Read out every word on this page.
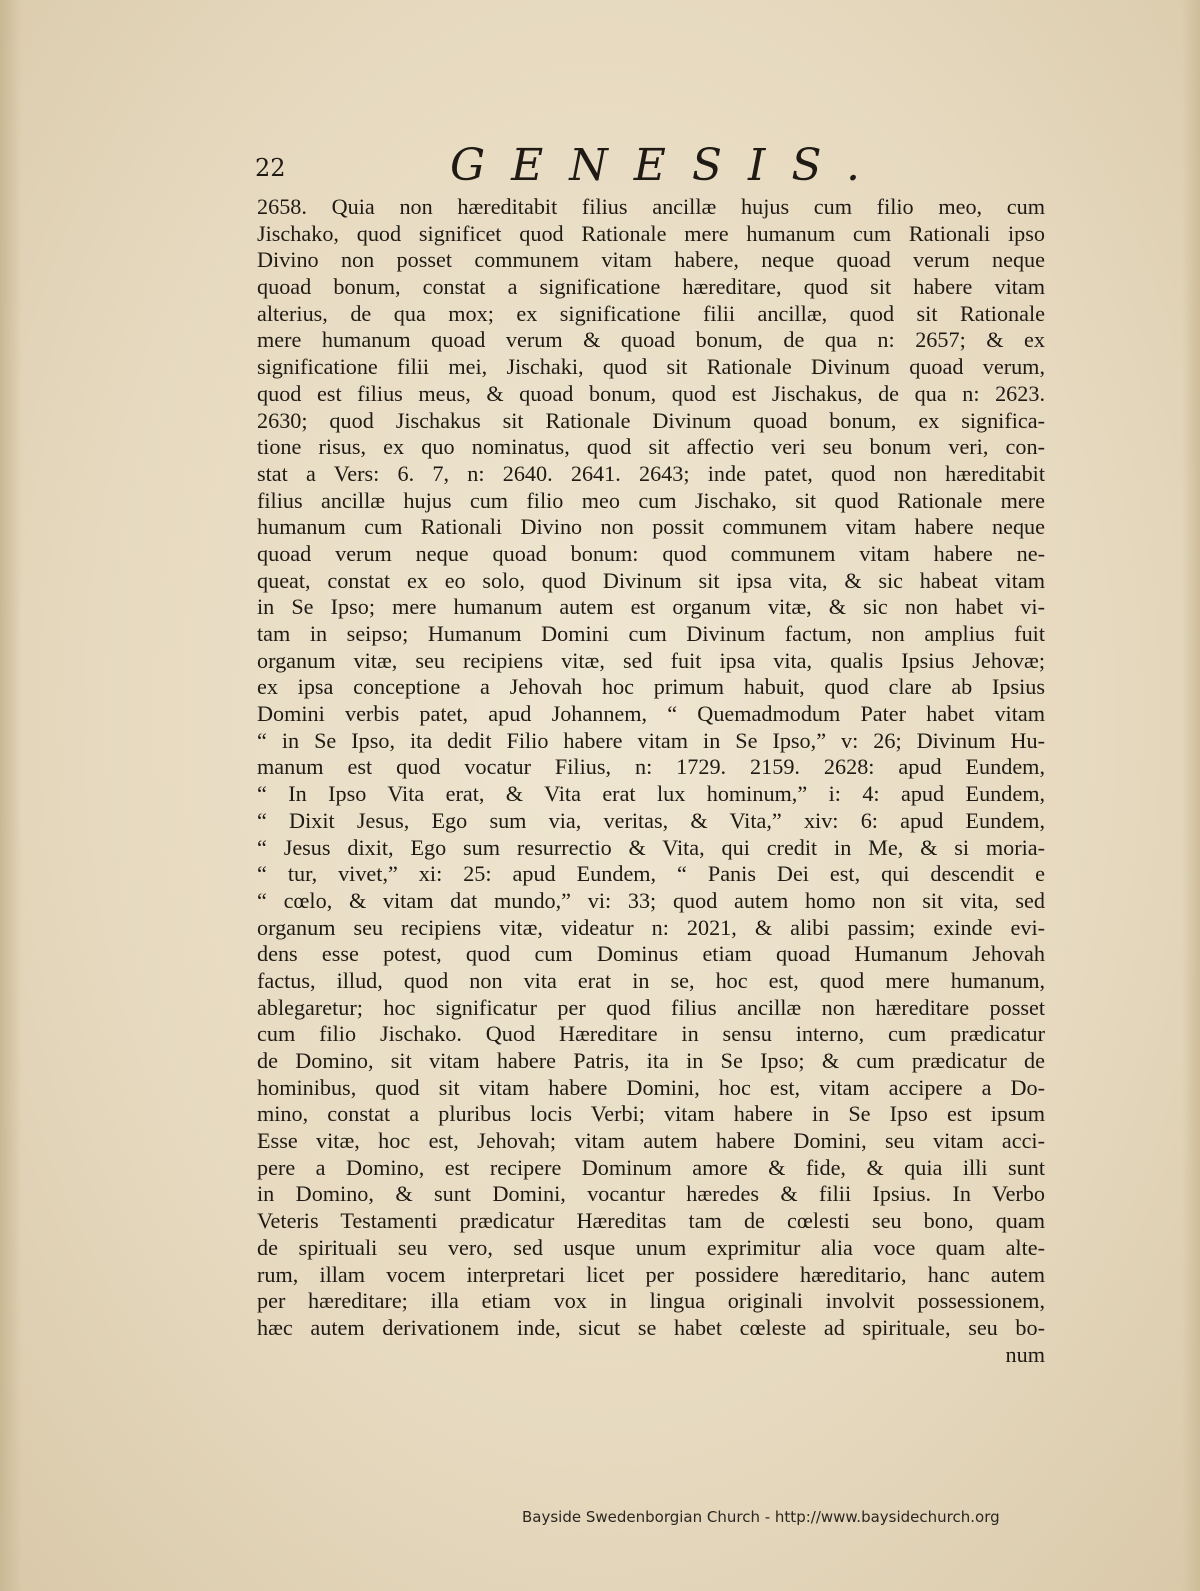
22	GENESIS.
2658. Quia non hæreditabit filius ancillæ hujus cum filio meo, cum
Jischako, quod significet quod Rationale mere humanum cum Rationali ipso
Divino non posset communem vitam habere, neque quoad verum neque
quoad bonum, constat a significatione hæreditare, quod sit habere vitam
alterius, de qua mox; ex significatione filii ancillæ, quod sit Rationale
mere humanum quoad verum & quoad bonum, de qua n: 2657; & ex
significatione filii mei, Jischaki, quod sit Rationale Divinum quoad verum,
quod est filius meus, & quoad bonum, quod est Jischakus, de qua n: 2623.
2630; quod Jischakus sit Rationale Divinum quoad bonum, ex significa-
tione risus, ex quo nominatus, quod sit affectio veri seu bonum veri, con-
stat a Vers: 6. 7, n: 2640. 2641. 2643; inde patet, quod non hæreditabit
filius ancillæ hujus cum filio meo cum Jischako, sit quod Rationale mere
humanum cum Rationali Divino non possit communem vitam habere neque
quoad verum neque quoad bonum: quod communem vitam habere ne-
queat, constat ex eo solo, quod Divinum sit ipsa vita, & sic habeat vitam
in Se Ipso; mere humanum autem est organum vitæ, & sic non habet vi-
tam in seipso; Humanum Domini cum Divinum factum, non amplius fuit
organum vitæ, seu recipiens vitæ, sed fuit ipsa vita, qualis Ipsius Jehovæ;
ex ipsa conceptione a Jehovah hoc primum habuit, quod clare ab Ipsius
Domini verbis patet, apud Johannem, “ Quemadmodum Pater habet vitam
“ in Se Ipso, ita dedit Filio habere vitam in Se Ipso,” v: 26; Divinum Hu-
manum est quod vocatur Filius, n: 1729. 2159. 2628: apud Eundem,
“ In Ipso Vita erat, & Vita erat lux hominum,” i: 4: apud Eundem,
“ Dixit Jesus, Ego sum via, veritas, & Vita,” xiv: 6: apud Eundem,
“ Jesus dixit, Ego sum resurrectio & Vita, qui credit in Me, & si moria-
“ tur, vivet,” xi: 25: apud Eundem, “ Panis Dei est, qui descendit e
“ cœlo, & vitam dat mundo,” vi: 33; quod autem homo non sit vita, sed
organum seu recipiens vitæ, videatur n: 2021, & alibi passim; exinde evi-
dens esse potest, quod cum Dominus etiam quoad Humanum Jehovah
factus, illud, quod non vita erat in se, hoc est, quod mere humanum,
ablegaretur; hoc significatur per quod filius ancillæ non hæreditare posset
cum filio Jischako. Quod Hæreditare in sensu interno, cum prædicatur
de Domino, sit vitam habere Patris, ita in Se Ipso; & cum prædicatur de
hominibus, quod sit vitam habere Domini, hoc est, vitam accipere a Do-
mino, constat a pluribus locis Verbi; vitam habere in Se Ipso est ipsum
Esse vitæ, hoc est, Jehovah; vitam autem habere Domini, seu vitam acci-
pere a Domino, est recipere Dominum amore & fide, & quia illi sunt
in Domino, & sunt Domini, vocantur hæredes & filii Ipsius. In Verbo
Veteris Testamenti prædicatur Hæreditas tam de cœlesti seu bono, quam
de spirituali seu vero, sed usque unum exprimitur alia voce quam alte-
rum, illam vocem interpretari licet per possidere hæreditario, hanc autem
per hæreditare; illa etiam vox in lingua originali involvit possessionem,
hæc autem derivationem inde, sicut se habet cœleste ad spirituale, seu bo-
num
Bayside Swedenborgian Church - http://www.baysidechurch.org
